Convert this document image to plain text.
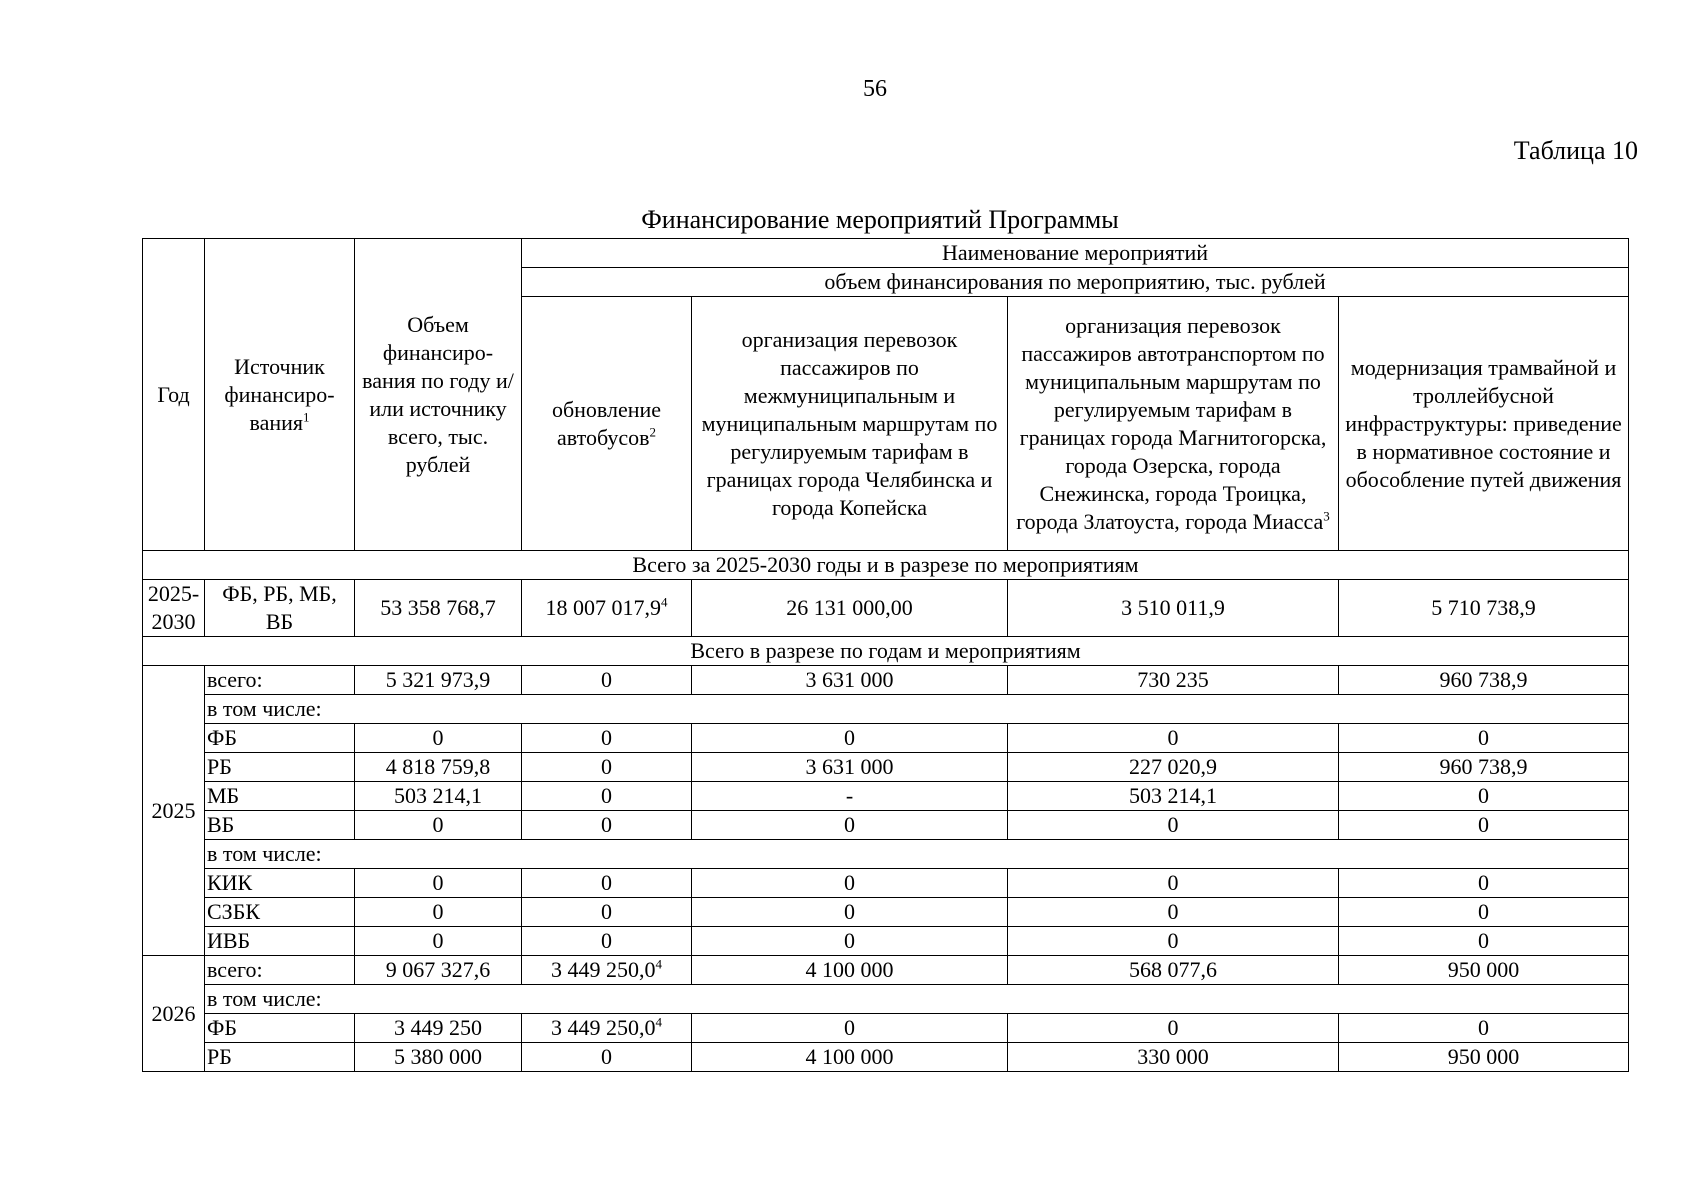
56
Таблица 10
Финансирование мероприятий Программы
Год	Источник финансиро-вания$^1$	Объем финансиро-вания по году и/или источнику всего, тыс. рублей	Наименование мероприятий			
			объем финансирования по мероприятию, тыс. рублей			
			обновление автобусов$^2$	организация перевозок пассажиров по межмуниципальным и муниципальным маршрутам по регулируемым тарифам в границах города Челябинска и города Копейска	организация перевозок пассажиров автотранспортом по муниципальным маршрутам по регулируемым тарифам в границах города Магнитогорска, города Озерска, города Снежинска, города Троицка, города Златоуста, города Миасса$^3$	модернизация трамвайной и троллейбусной инфраструктуры: приведение в нормативное состояние и обособление путей движения
Всего за 2025-2030 годы и в разрезе по мероприятиям						
2025-2030	ФБ, РБ, МБ, ВБ	53 358 768,7	18 007 017,9$^4$	26 131 000,00	3 510 011,9	5 710 738,9
Всего в разрезе по годам и мероприятиям						
2025	всего:	5 321 973,9	0	3 631 000	730 235	960 738,9
	в том числе:					
	ФБ	0	0	0	0	0
	РБ	4 818 759,8	0	3 631 000	227 020,9	960 738,9
	МБ	503 214,1	0	-	503 214,1	0
	ВБ	0	0	0	0	0
	в том числе:					
	КИК	0	0	0	0	0
	СЗБК	0	0	0	0	0
	ИВБ	0	0	0	0	0
2026	всего:	9 067 327,6	3 449 250,0$^4$	4 100 000	568 077,6	950 000
	в том числе:					
	ФБ	3 449 250	3 449 250,0$^4$	0	0	0
	РБ	5 380 000	0	4 100 000	330 000	950 000
